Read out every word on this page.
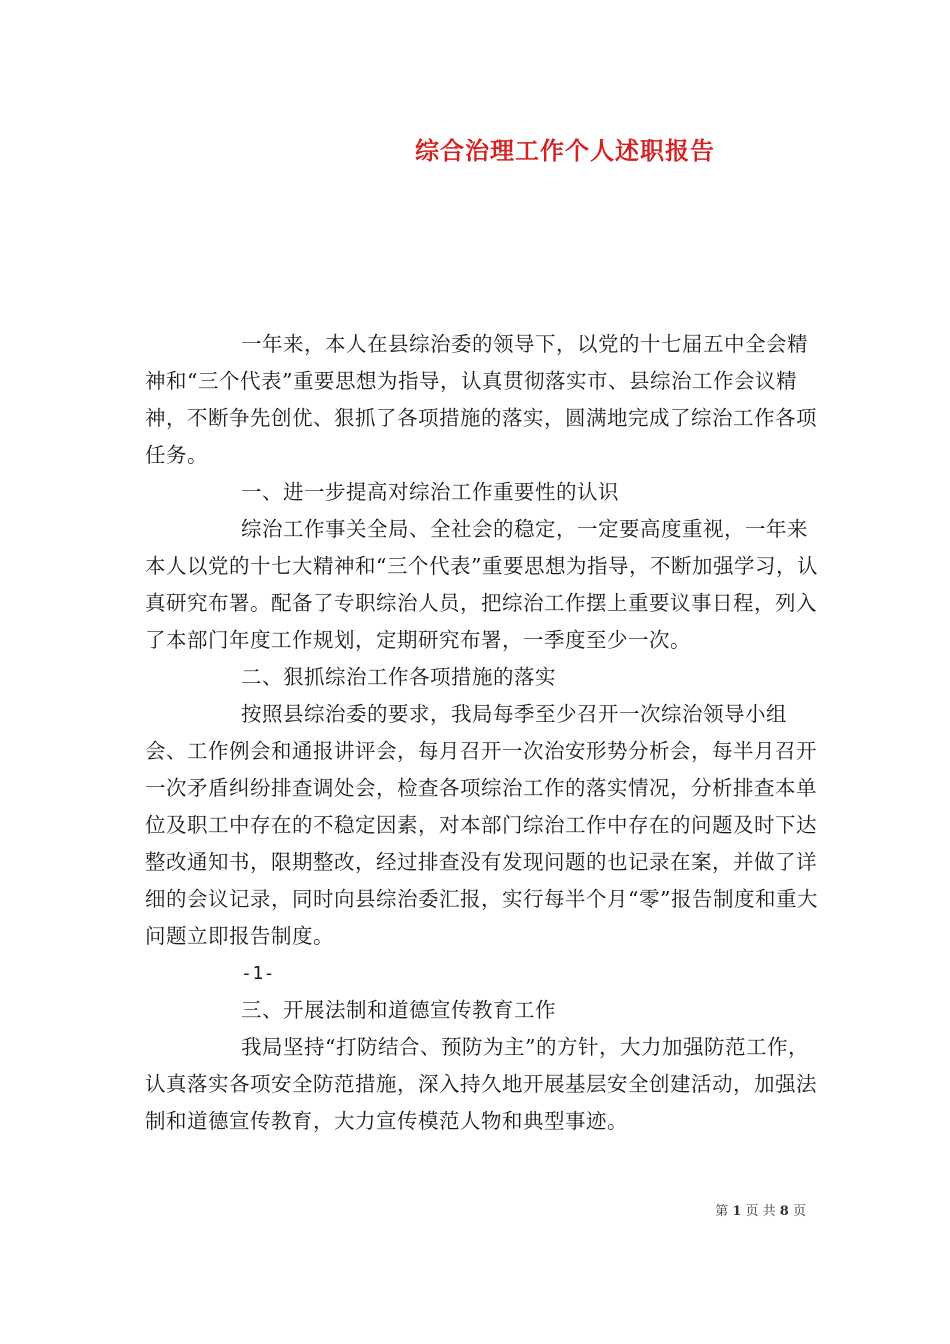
综合治理工作个人述职报告

一年来，本人在县综治委的领导下，以党的十七届五中全会精神和“三个代表”重要思想为指导，认真贯彻落实市、县综治工作会议精神，不断争先创优、狠抓了各项措施的落实，圆满地完成了综治工作各项任务。

一、进一步提高对综治工作重要性的认识

综治工作事关全局、全社会的稳定，一定要高度重视，一年来本人以党的十七大精神和“三个代表”重要思想为指导，不断加强学习，认真研究布署。配备了专职综治人员，把综治工作摆上重要议事日程，列入了本部门年度工作规划，定期研究布署，一季度至少一次。

二、狠抓综治工作各项措施的落实

按照县综治委的要求，我局每季至少召开一次综治领导小组会、工作例会和通报讲评会，每月召开一次治安形势分析会，每半月召开一次矛盾纠纷排查调处会，检查各项综治工作的落实情况，分析排查本单位及职工中存在的不稳定因素，对本部门综治工作中存在的问题及时下达整改通知书，限期整改，经过排查没有发现问题的也记录在案，并做了详细的会议记录，同时向县综治委汇报，实行每半个月“零”报告制度和重大问题立即报告制度。

-1-

三、开展法制和道德宣传教育工作

我局坚持“打防结合、预防为主”的方针，大力加强防范工作，认真落实各项安全防范措施，深入持久地开展基层安全创建活动，加强法制和道德宣传教育，大力宣传模范人物和典型事迹。

第 1 页 共 8 页
